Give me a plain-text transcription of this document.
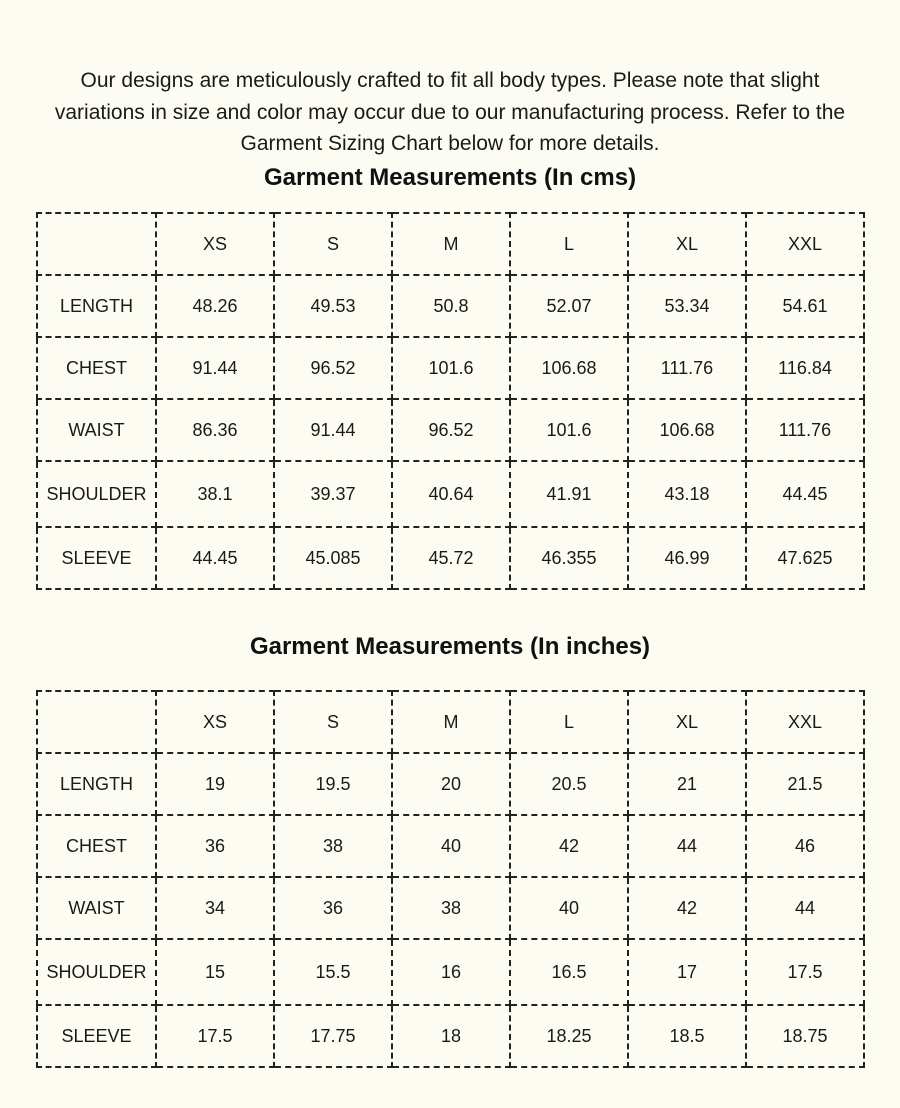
Our designs are meticulously crafted to fit all body types. Please note that slight variations in size and color may occur due to our manufacturing process. Refer to the Garment Sizing Chart below for more details.

Garment Measurements (In cms)
	XS	S	M	L	XL	XXL
LENGTH	48.26	49.53	50.8	52.07	53.34	54.61
CHEST	91.44	96.52	101.6	106.68	111.76	116.84
WAIST	86.36	91.44	96.52	101.6	106.68	111.76
SHOULDER	38.1	39.37	40.64	41.91	43.18	44.45
SLEEVE	44.45	45.085	45.72	46.355	46.99	47.625
Garment Measurements (In inches)
	XS	S	M	L	XL	XXL
LENGTH	19	19.5	20	20.5	21	21.5
CHEST	36	38	40	42	44	46
WAIST	34	36	38	40	42	44
SHOULDER	15	15.5	16	16.5	17	17.5
SLEEVE	17.5	17.75	18	18.25	18.5	18.75
